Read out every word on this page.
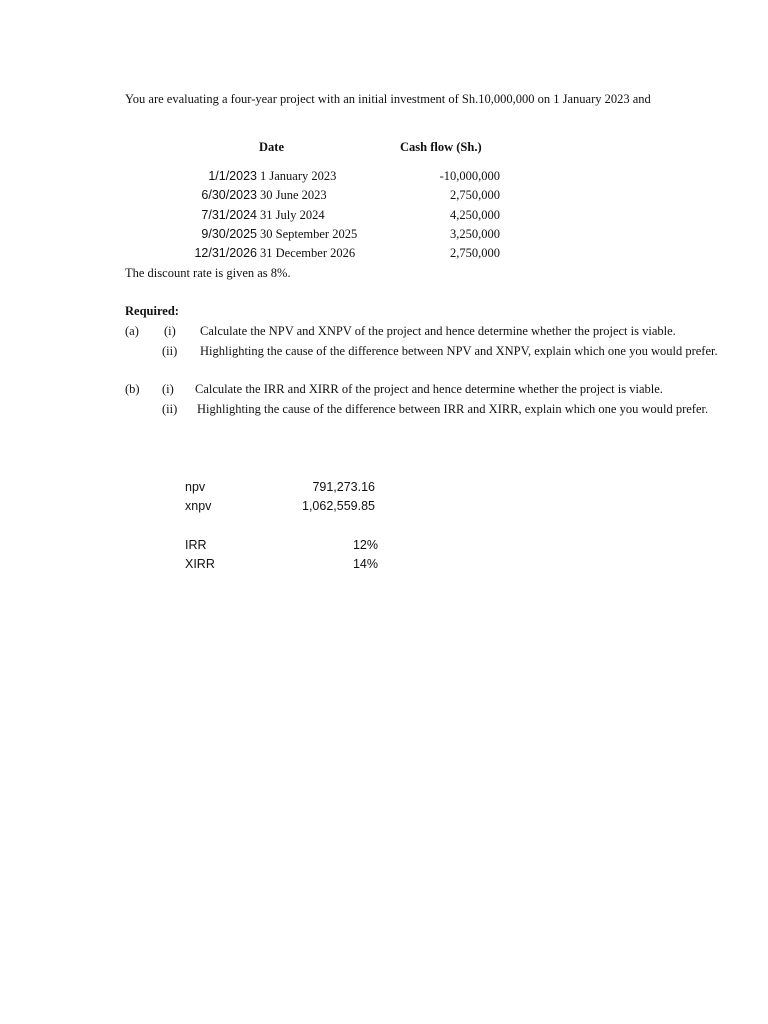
You are evaluating a four-year project with an initial investment of Sh.10,000,000 on 1 January 2023 and
Date	Cash flow (Sh.)
1/1/2023 1 January 2023	-10,000,000
6/30/2023 30 June 2023	2,750,000
7/31/2024 31 July 2024	4,250,000
9/30/2025 30 September 2025	3,250,000
12/31/2026 31 December 2026	2,750,000
The discount rate is given as 8%.
Required:
(a) (i) Calculate the NPV and XNPV of the project and hence determine whether the project is viable.
(ii) Highlighting the cause of the difference between NPV and XNPV, explain which one you would prefer.
(b) (i) Calculate the IRR and XIRR of the project and hence determine whether the project is viable.
(ii) Highlighting the cause of the difference between IRR and XIRR, explain which one you would prefer.
npv	791,273.16
xnpv	1,062,559.85
IRR	12%
XIRR	14%
